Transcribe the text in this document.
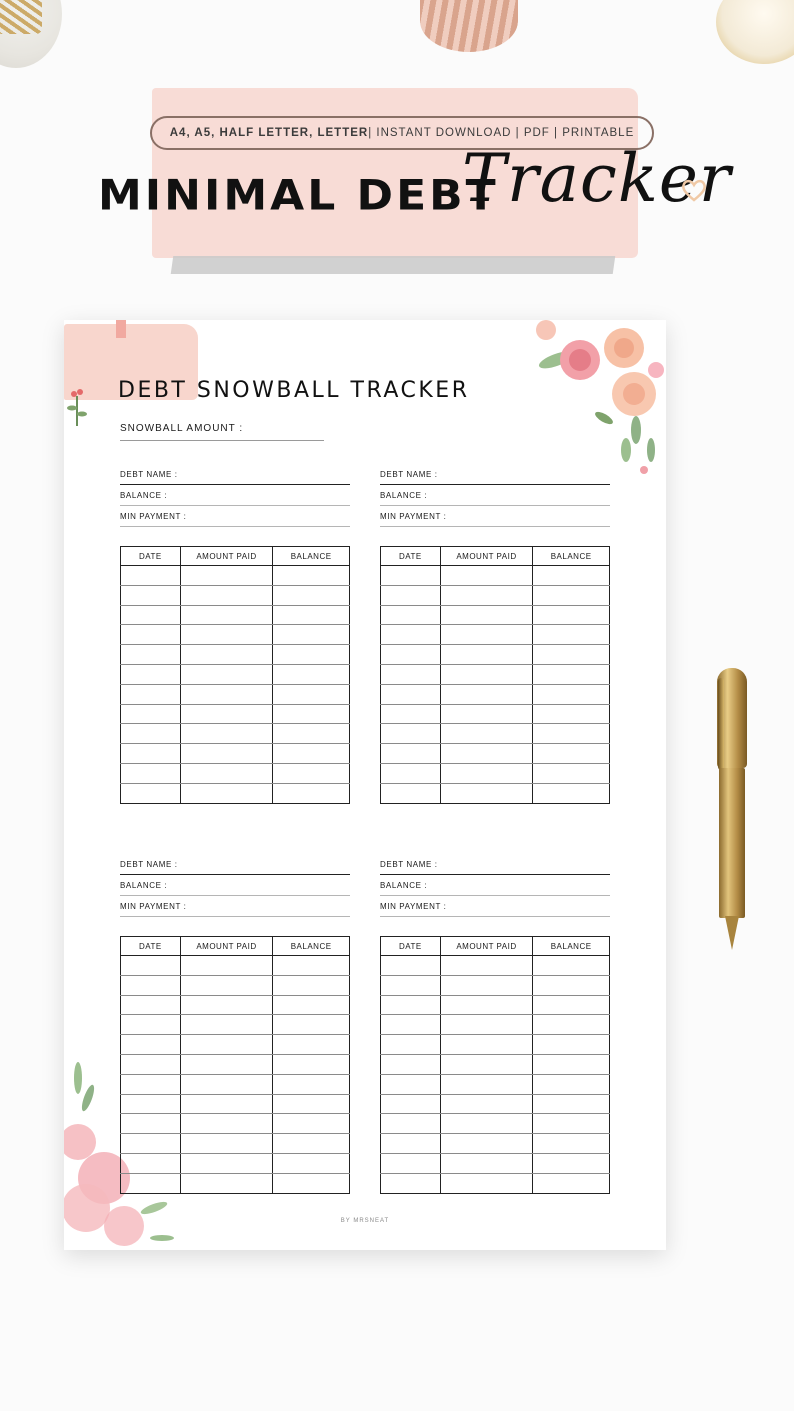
A4, A5, HALF LETTER, LETTER | INSTANT DOWNLOAD | PDF | PRINTABLE
MINIMAL DEBT
Tracker
DEBT SNOWBALL TRACKER
SNOWBALL AMOUNT :
DEBT NAME :
BALANCE :
MIN PAYMENT :
DATE	AMOUNT PAID	BALANCE

DEBT NAME :
BALANCE :
MIN PAYMENT :
DATE	AMOUNT PAID	BALANCE

DEBT NAME :
BALANCE :
MIN PAYMENT :
DATE	AMOUNT PAID	BALANCE

DEBT NAME :
BALANCE :
MIN PAYMENT :
DATE	AMOUNT PAID	BALANCE

BY MRSNEAT
